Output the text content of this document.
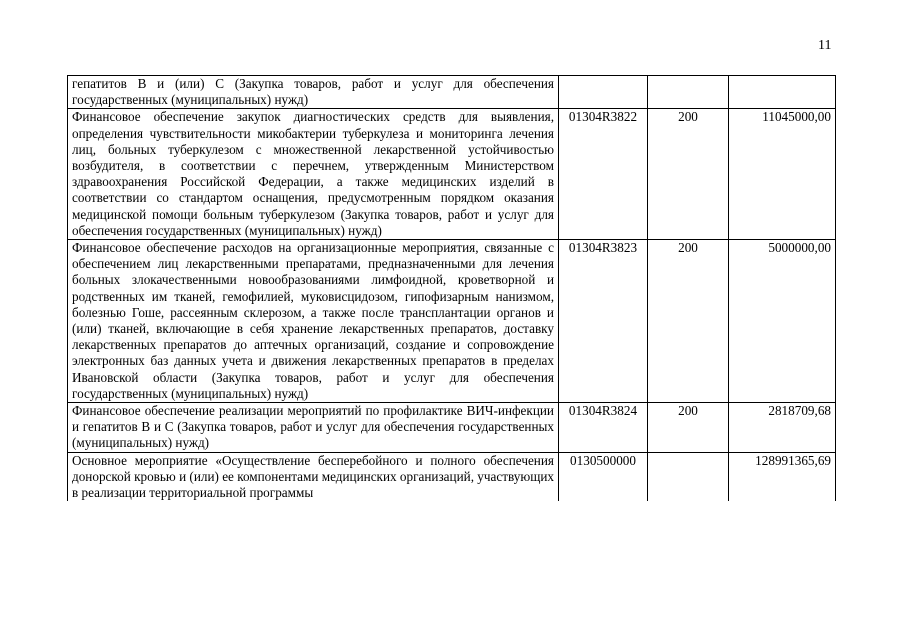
11
гепатитов В и (или) С (Закупка товаров, работ и услуг для обеспечения государственных (муниципальных) нужд)			
Финансовое обеспечение закупок диагностических средств для выявления, определения чувствительности микобактерии туберкулеза и мониторинга лечения лиц, больных туберкулезом с множественной лекарственной устойчивостью возбудителя, в соответствии с перечнем, утвержденным Министерством здравоохранения Российской Федерации, а также медицинских изделий в соответствии со стандартом оснащения, предусмотренным порядком оказания медицинской помощи больным туберкулезом (Закупка товаров, работ и услуг для обеспечения государственных (муниципальных) нужд)	01304R3822	200	11045000,00
Финансовое обеспечение расходов на организационные мероприятия, связанные с обеспечением лиц лекарственными препаратами, предназначенными для лечения больных злокачественными новообразованиями лимфоидной, кроветворной и родственных им тканей, гемофилией, муковисцидозом, гипофизарным нанизмом, болезнью Гоше, рассеянным склерозом, а также после трансплантации органов и (или) тканей, включающие в себя хранение лекарственных препаратов, доставку лекарственных препаратов до аптечных организаций, создание и сопровождение электронных баз данных учета и движения лекарственных препаратов в пределах Ивановской области (Закупка товаров, работ и услуг для обеспечения государственных (муниципальных) нужд)	01304R3823	200	5000000,00
Финансовое обеспечение реализации мероприятий по профилактике ВИЧ-инфекции и гепатитов В и С (Закупка товаров, работ и услуг для обеспечения государственных (муниципальных) нужд)	01304R3824	200	2818709,68
Основное мероприятие «Осуществление бесперебойного и полного обеспечения донорской кровью и (или) ее компонентами медицинских организаций, участвующих в реализации территориальной программы	0130500000		128991365,69
